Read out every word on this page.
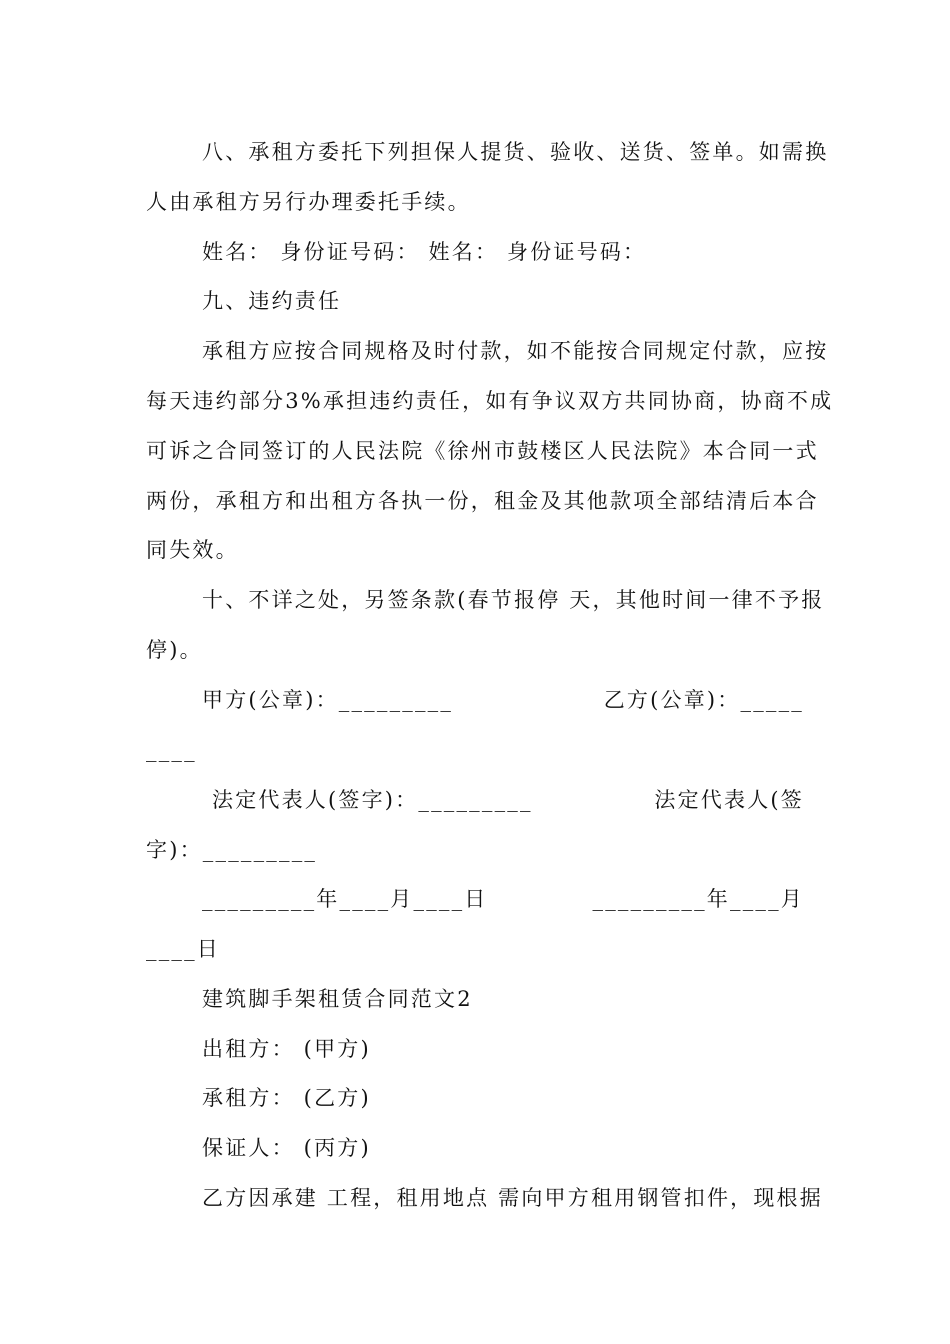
八、承租方委托下列担保人提货、验收、送货、签单。如需换

人由承租方另行办理委托手续。

姓名： 身份证号码： 姓名： 身份证号码：

九、违约责任

承租方应按合同规格及时付款，如不能按合同规定付款，应按

每天违约部分3%承担违约责任，如有争议双方共同协商，协商不成

可诉之合同签订的人民法院《徐州市鼓楼区人民法院》本合同一式

两份，承租方和出租方各执一份，租金及其他款项全部结清后本合

同失效。

十、不详之处，另签条款(春节报停 天，其他时间一律不予报

停)。

甲方(公章)：_________	乙方(公章)：_____

____

法定代表人(签字)：_________	法定代表人(签

字)：_________

_________年____月____日	_________年____月

____日

建筑脚手架租赁合同范文2

出租方： (甲方)

承租方： (乙方)

保证人： (丙方)

乙方因承建 工程，租用地点 需向甲方租用钢管扣件，现根据
